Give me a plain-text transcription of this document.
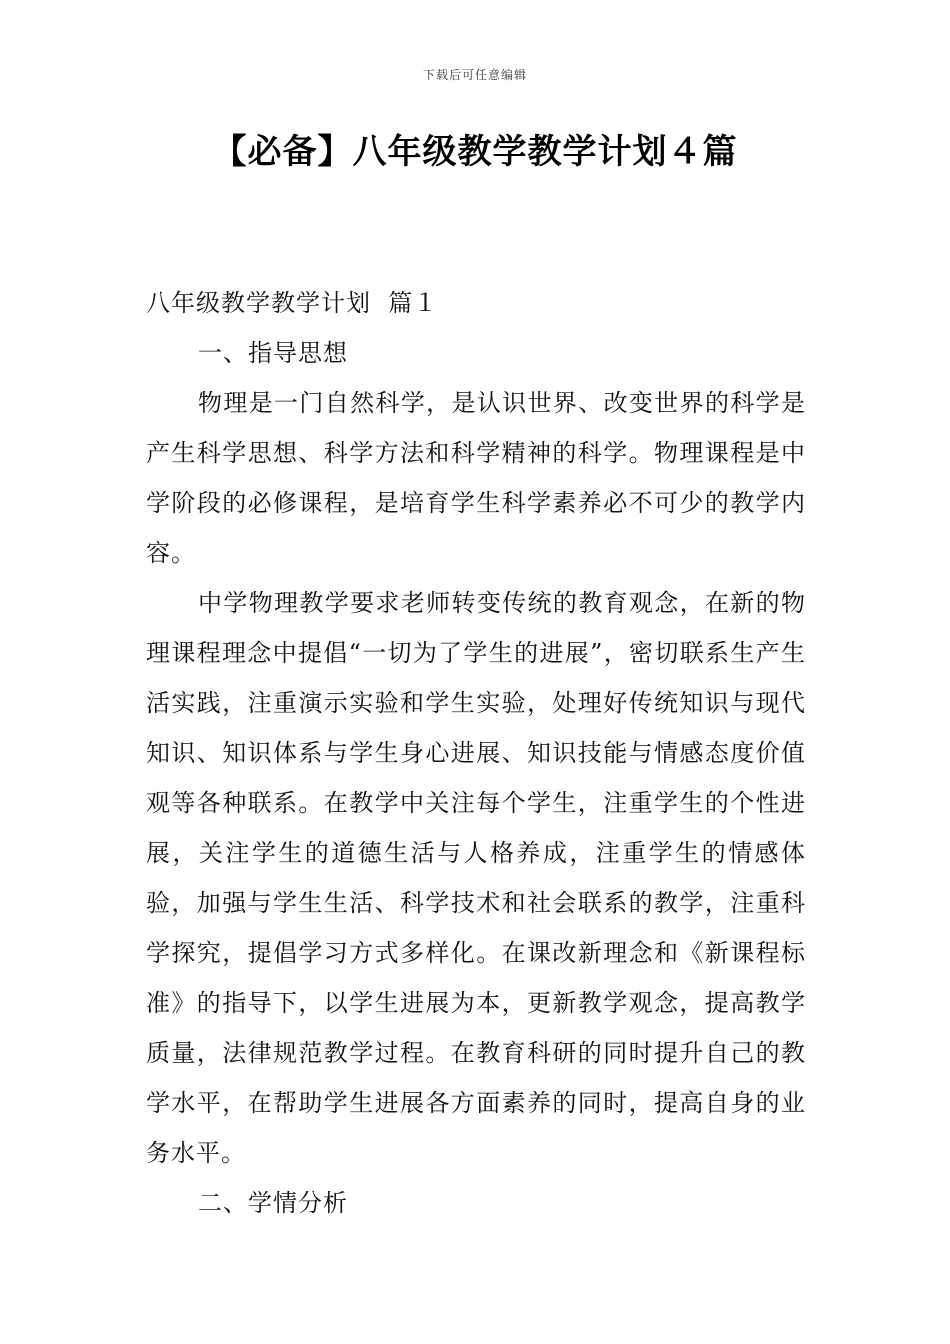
下载后可任意编辑
【必备】八年级教学教学计划４篇

八年级教学教学计划  篇１

一、指导思想

物理是一门自然科学，是认识世界、改变世界的科学是产生科学思想、科学方法和科学精神的科学。物理课程是中学阶段的必修课程，是培育学生科学素养必不可少的教学内容。

中学物理教学要求老师转变传统的教育观念，在新的物理课程理念中提倡“一切为了学生的进展”，密切联系生产生活实践，注重演示实验和学生实验，处理好传统知识与现代知识、知识体系与学生身心进展、知识技能与情感态度价值观等各种联系。在教学中关注每个学生，注重学生的个性进展，关注学生的道德生活与人格养成，注重学生的情感体验，加强与学生生活、科学技术和社会联系的教学，注重科学探究，提倡学习方式多样化。在课改新理念和《新课程标准》的指导下，以学生进展为本，更新教学观念，提高教学质量，法律规范教学过程。在教育科研的同时提升自己的教学水平，在帮助学生进展各方面素养的同时，提高自身的业务水平。

二、学情分析
